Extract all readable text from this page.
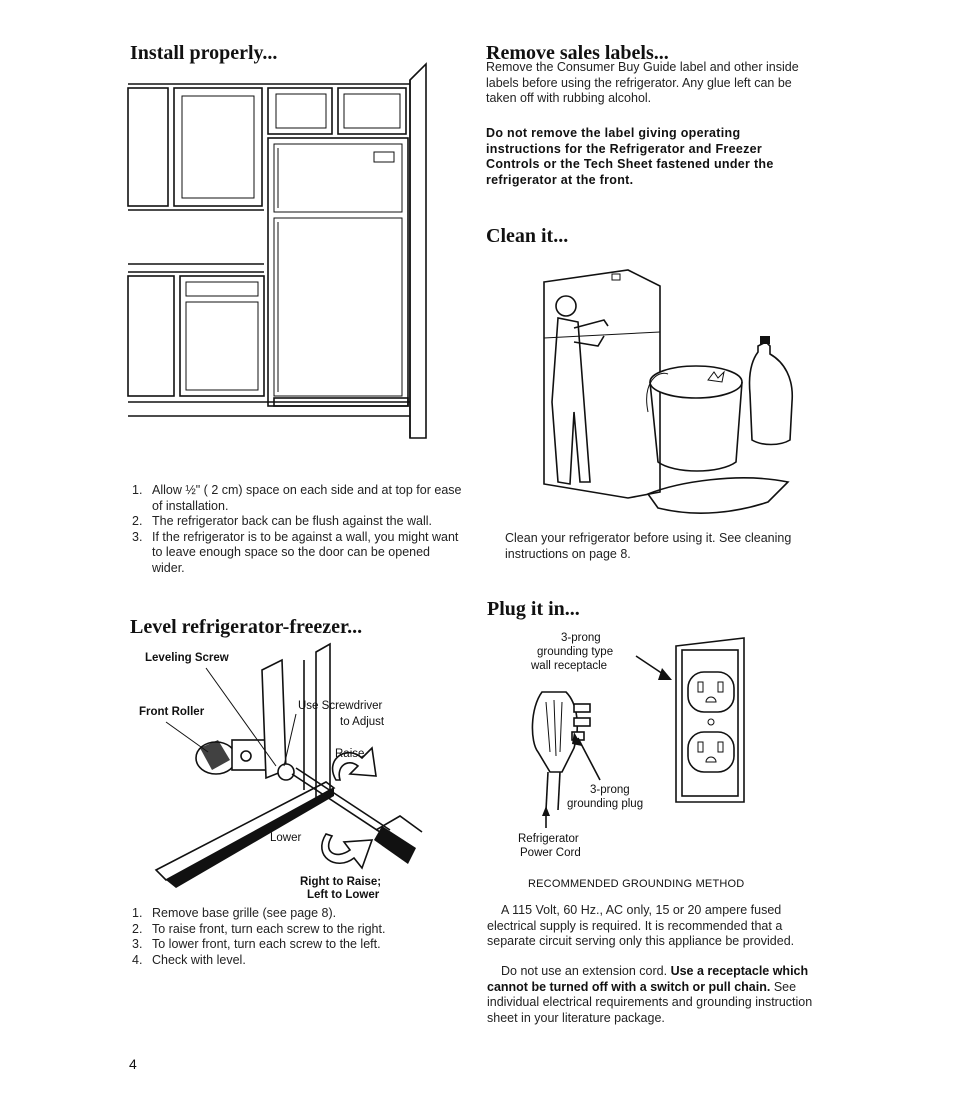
Install properly...
1. Allow ½" ( 2 cm) space on each side and at top for ease of installation.
2. The refrigerator back can be flush against the wall.
3. If the refrigerator is to be against a wall, you might want to leave enough space so the door can be opened wider.
Level refrigerator-freezer...
Leveling Screw
Front Roller	Use Screwdriver
to Adjust
Raise
Lower
Right to Raise;
Left to Lower
1. Remove base grille (see page 8).
2. To raise front, turn each screw to the right.
3. To lower front, turn each screw to the left.
4. Check with level.
4
Remove sales labels...

Remove the Consumer Buy Guide label and other inside labels before using the refrigerator. Any glue left can be taken off with rubbing alcohol.

Do not remove the label giving operating instructions for the Refrigerator and Freezer Controls or the Tech Sheet fastened under the refrigerator at the front.

Clean it...

Clean your refrigerator before using it. See cleaning instructions on page 8.

Plug it in...
3-prong
grounding type
wall receptacle
3-prong
grounding plug
Refrigerator
Power Cord
RECOMMENDED GROUNDING METHOD

A 115 Volt, 60 Hz., AC only, 15 or 20 ampere fused electrical supply is required. It is recommended that a separate circuit serving only this appliance be provided.

Do not use an extension cord. Use a receptacle which cannot be turned off with a switch or pull chain. See individual electrical requirements and grounding instruction sheet in your literature package.
